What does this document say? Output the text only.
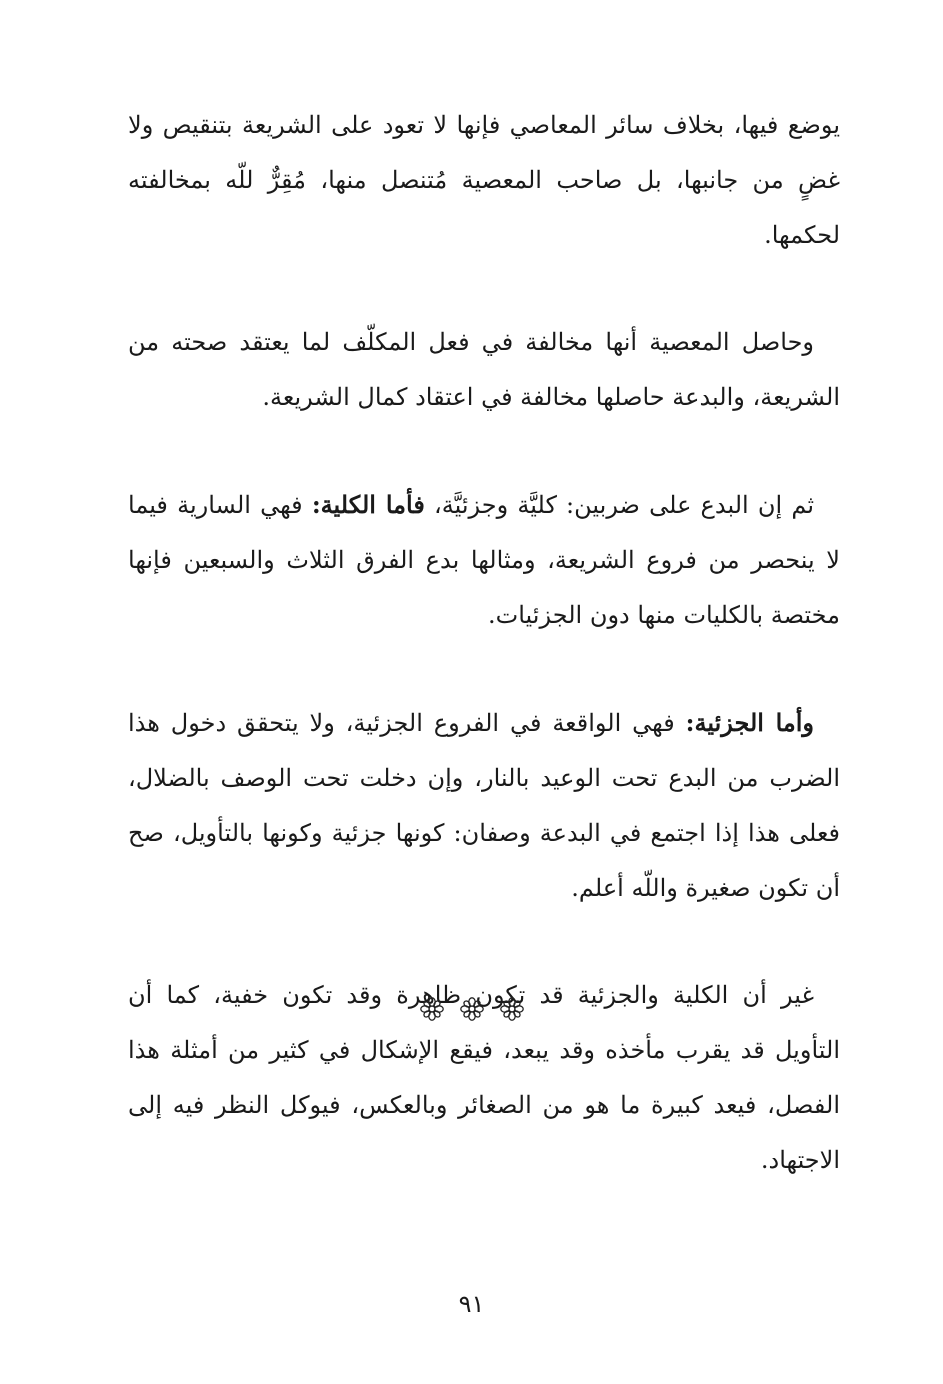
يوضع فيها، بخلاف سائر المعاصي فإنها لا تعود على الشريعة بتنقيص ولا غضٍ من جانبها، بل صاحب المعصية مُتنصل منها، مُقِرٌّ للّه بمخالفته لحكمها.

وحاصل المعصية أنها مخالفة في فعل المكلّف لما يعتقد صحته من الشريعة، والبدعة حاصلها مخالفة في اعتقاد كمال الشريعة.

ثم إن البدع على ضربين: كليَّة وجزئيَّة، فأما الكلية: فهي السارية فيما لا ينحصر من فروع الشريعة، ومثالها بدع الفرق الثلاث والسبعين فإنها مختصة بالكليات منها دون الجزئيات.

وأما الجزئية: فهي الواقعة في الفروع الجزئية، ولا يتحقق دخول هذا الضرب من البدع تحت الوعيد بالنار، وإن دخلت تحت الوصف بالضلال، فعلى هذا إذا اجتمع في البدعة وصفان: كونها جزئية وكونها بالتأويل، صح أن تكون صغيرة واللّه أعلم.

غير أن الكلية والجزئية قد تكون ظاهرة وقد تكون خفية، كما أن التأويل قد يقرب مأخذه وقد يبعد، فيقع الإشكال في كثير من أمثلة هذا الفصل، فيعد كبيرة ما هو من الصغائر وبالعكس، فيوكل النظر فيه إلى الاجتهاد.

٩١
